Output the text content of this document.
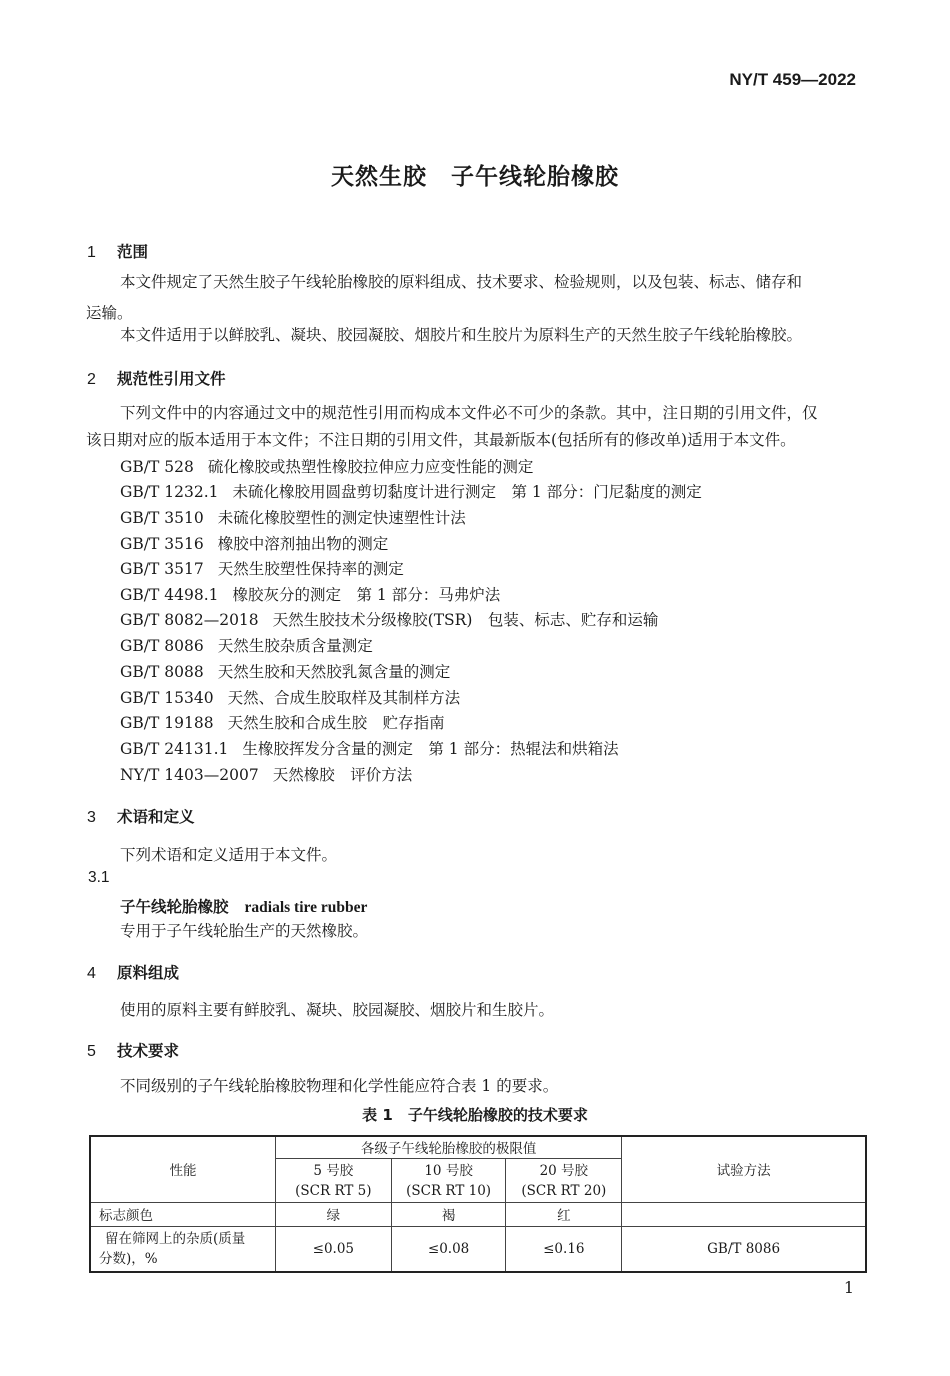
NY/T 459—2022
天然生胶　子午线轮胎橡胶
1 范围
本文件规定了天然生胶子午线轮胎橡胶的原料组成、技术要求、检验规则，以及包装、标志、储存和
运输。
本文件适用于以鲜胶乳、凝块、胶园凝胶、烟胶片和生胶片为原料生产的天然生胶子午线轮胎橡胶。
2 规范性引用文件
下列文件中的内容通过文中的规范性引用而构成本文件必不可少的条款。其中，注日期的引用文件，仅
该日期对应的版本适用于本文件；不注日期的引用文件，其最新版本(包括所有的修改单)适用于本文件。
GB/T 528 硫化橡胶或热塑性橡胶拉伸应力应变性能的测定
GB/T 1232.1 未硫化橡胶用圆盘剪切黏度计进行测定　第 1 部分：门尼黏度的测定
GB/T 3510 未硫化橡胶塑性的测定快速塑性计法
GB/T 3516 橡胶中溶剂抽出物的测定
GB/T 3517 天然生胶塑性保持率的测定
GB/T 4498.1 橡胶灰分的测定　第 1 部分：马弗炉法
GB/T 8082—2018 天然生胶技术分级橡胶(TSR)　包装、标志、贮存和运输
GB/T 8086 天然生胶杂质含量测定
GB/T 8088 天然生胶和天然胶乳氮含量的测定
GB/T 15340 天然、合成生胶取样及其制样方法
GB/T 19188 天然生胶和合成生胶　贮存指南
GB/T 24131.1 生橡胶挥发分含量的测定　第 1 部分：热辊法和烘箱法
NY/T 1403—2007 天然橡胶　评价方法
3 术语和定义
下列术语和定义适用于本文件。
3.1
子午线轮胎橡胶 radials tire rubber
专用于子午线轮胎生产的天然橡胶。
4 原料组成
使用的原料主要有鲜胶乳、凝块、胶园凝胶、烟胶片和生胶片。
5 技术要求
不同级别的子午线轮胎橡胶物理和化学性能应符合表 1 的要求。
表 1　子午线轮胎橡胶的技术要求
性能	各级子午线轮胎橡胶的极限值			试验方法
	5 号胶	10 号胶	20 号胶	
	(SCR RT 5)	(SCR RT 10)	(SCR RT 20)	
标志颜色	绿	褐	红	

留在筛网上的杂质(质量
分数)，%	≤0.05	≤0.08	≤0.16	GB/T 8086
1
